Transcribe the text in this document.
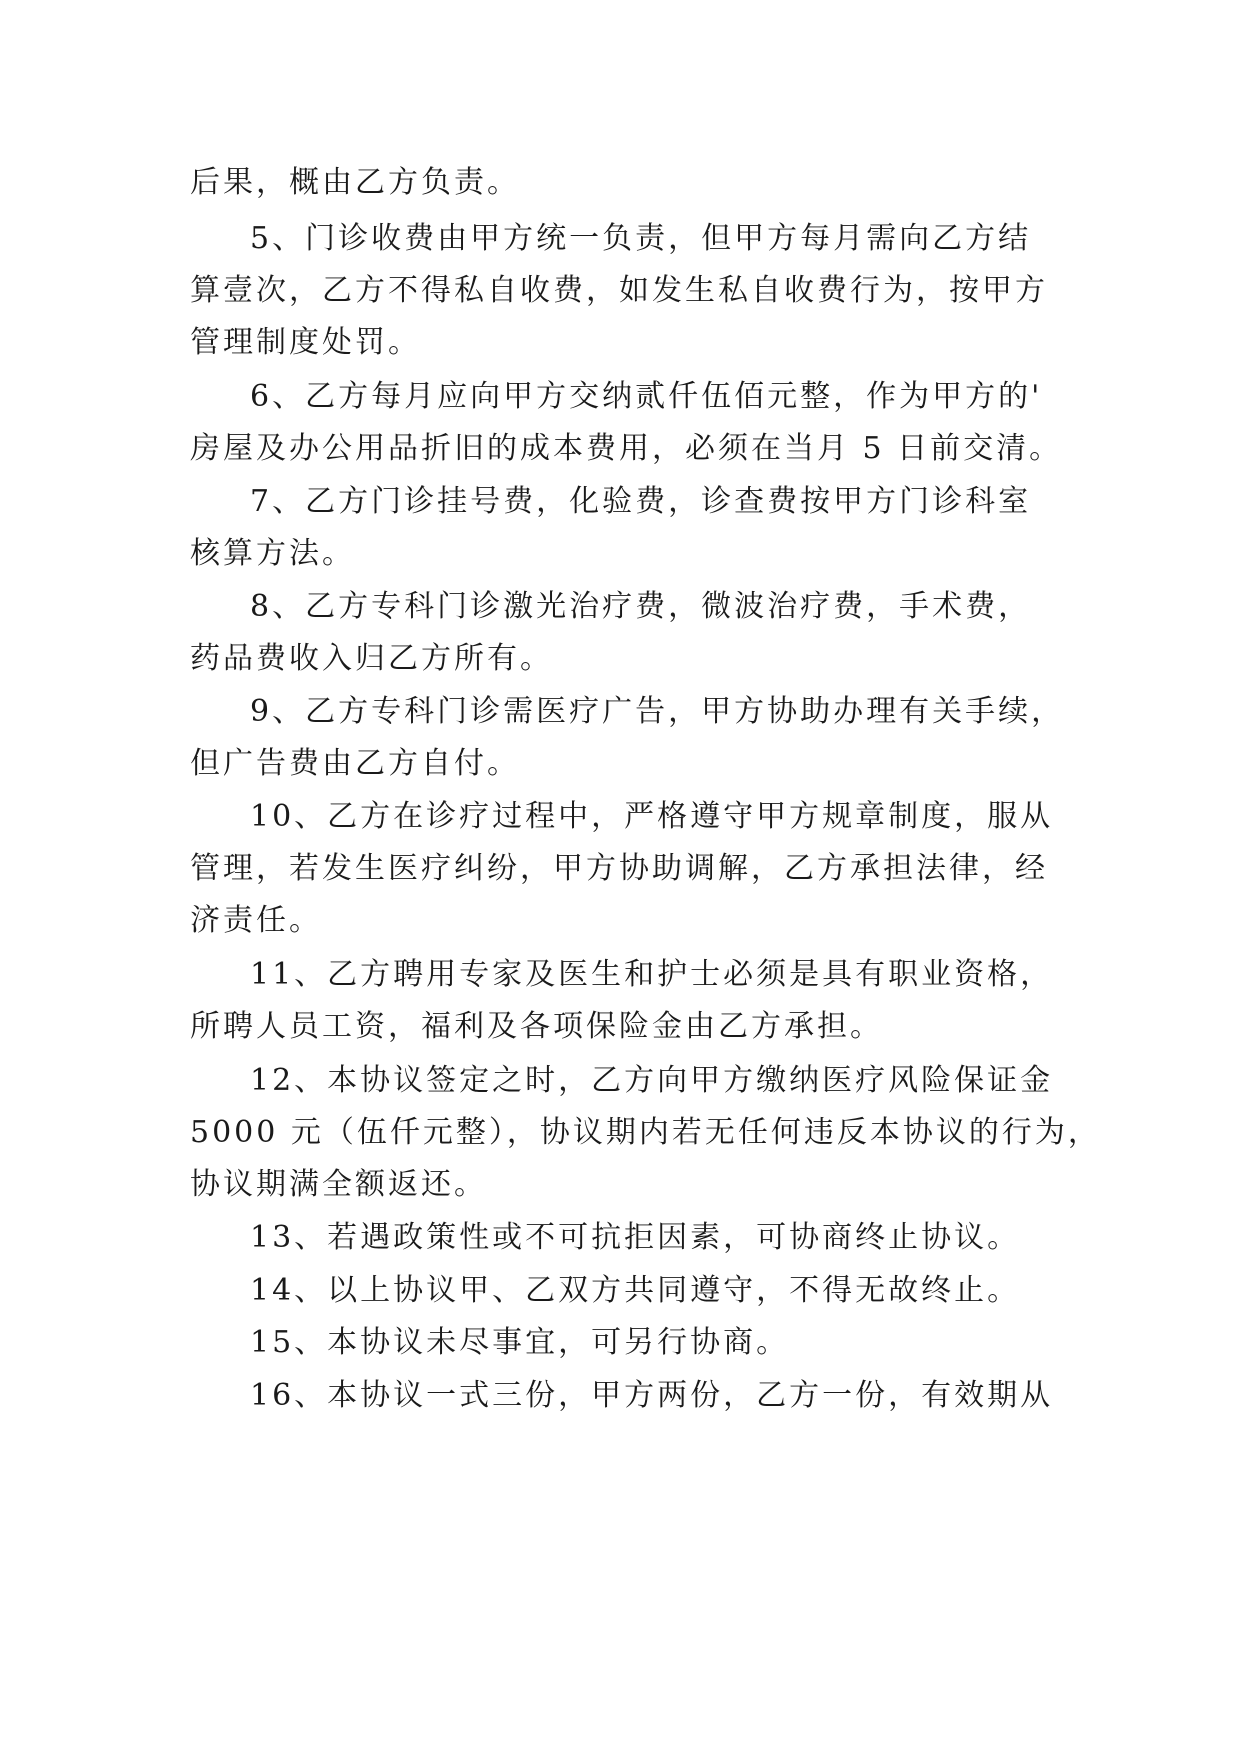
后果，概由乙方负责。
5、门诊收费由甲方统一负责，但甲方每月需向乙方结
算壹次，乙方不得私自收费，如发生私自收费行为，按甲方
管理制度处罚。
6、乙方每月应向甲方交纳贰仟伍佰元整，作为甲方的'
房屋及办公用品折旧的成本费用，必须在当月 5 日前交清。
7、乙方门诊挂号费，化验费，诊查费按甲方门诊科室
核算方法。
8、乙方专科门诊激光治疗费，微波治疗费，手术费，
药品费收入归乙方所有。
9、乙方专科门诊需医疗广告，甲方协助办理有关手续，
但广告费由乙方自付。
10、乙方在诊疗过程中，严格遵守甲方规章制度，服从
管理，若发生医疗纠纷，甲方协助调解，乙方承担法律，经
济责任。
11、乙方聘用专家及医生和护士必须是具有职业资格，
所聘人员工资，福利及各项保险金由乙方承担。
12、本协议签定之时，乙方向甲方缴纳医疗风险保证金
5000 元（伍仟元整），协议期内若无任何违反本协议的行为，
协议期满全额返还。
13、若遇政策性或不可抗拒因素，可协商终止协议。
14、以上协议甲、乙双方共同遵守，不得无故终止。
15、本协议未尽事宜，可另行协商。
16、本协议一式三份，甲方两份，乙方一份，有效期从
